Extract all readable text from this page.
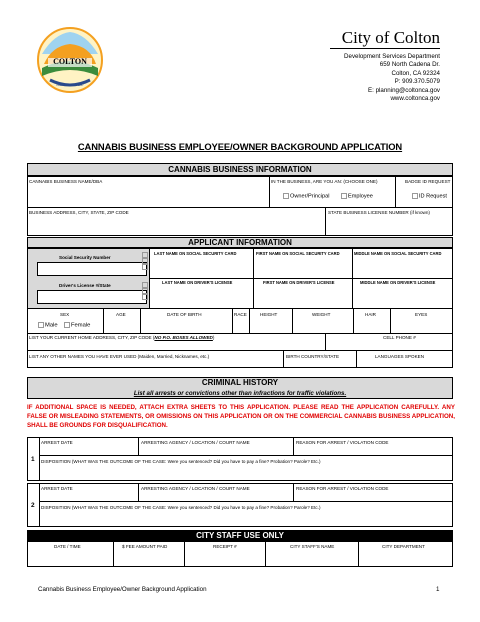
COLTON
INCORPORATED 1887
City of Colton
Development Services Department
659 North Cadena Dr.
Colton, CA 92324
P: 909.370.5079
E: planning@coltonca.gov
www.coltonca.gov
CANNABIS BUSINESS EMPLOYEE/OWNER BACKGROUND APPLICATION
CANNABIS BUSINESS INFORMATION
CANNABIS BUSINESS NAME/DBA	IN THE BUSINESS, ARE YOU AN: (CHOOSE ONE)
Owner/Principal	Employee
BADGE ID REQUEST
ID Request
BUSINESS ADDRESS, CITY, STATE, ZIP CODE	STATE BUSINESS LICENSE NUMBER (if known)
APPLICANT INFORMATION
Social Security Number
Driver's License #/State
LAST NAME ON SOCIAL SECURITY CARD	FIRST NAME ON SOCIAL SECURITY CARD	MIDDLE NAME ON SOCIAL SECURITY CARD
LAST NAME ON DRIVER'S LICENSE	FIRST NAME ON DRIVER'S LICENSE	MIDDLE NAME ON DRIVER'S LICENSE
SEX	AGE	DATE OF BIRTH	RACE	HEIGHT	WEIGHT	HAIR	EYES
Male	Female
LIST YOUR CURRENT HOME ADDRESS, CITY, ZIP CODE (NO P.O. BOXES ALLOWED)	CELL PHONE #
LIST ANY OTHER NAMES YOU HAVE EVER USED (Maiden, Married, Nicknames, etc.)	BIRTH COUNTRY/STATE	LANGUAGES SPOKEN
CRIMINAL HISTORY
List all arrests or convictions other than infractions for traffic violations.
IF ADDITIONAL SPACE IS NEEDED, ATTACH EXTRA SHEETS TO THIS APPLICATION. PLEASE READ THE APPLICATION CAREFULLY. ANY FALSE OR MISLEADING STATEMENTS, OR OMISSIONS ON THIS APPLICATION OR ON THE COMMERCIAL CANNABIS BUSINESS APPLICATION, SHALL BE GROUNDS FOR DISQUALIFICATION.
1
ARREST DATE	ARRESTING AGENCY / LOCATION / COURT NAME	REASON FOR ARREST / VIOLATION CODE
DISPOSITION (WHAT WAS THE OUTCOME OF THE CASE: Were you sentenced? Did you have to pay a fine? Probation? Parole? Etc.)
2
ARREST DATE	ARRESTING AGENCY / LOCATION / COURT NAME	REASON FOR ARREST / VIOLATION CODE
DISPOSITION (WHAT WAS THE OUTCOME OF THE CASE: Were you sentenced? Did you have to pay a fine? Probation? Parole? Etc.)
CITY STAFF USE ONLY
DATE / TIME	$ FEE AMOUNT PAID	RECEIPT #	CITY STAFF'S NAME	CITY DEPARTMENT
Cannabis Business Employee/Owner Background Application	1
